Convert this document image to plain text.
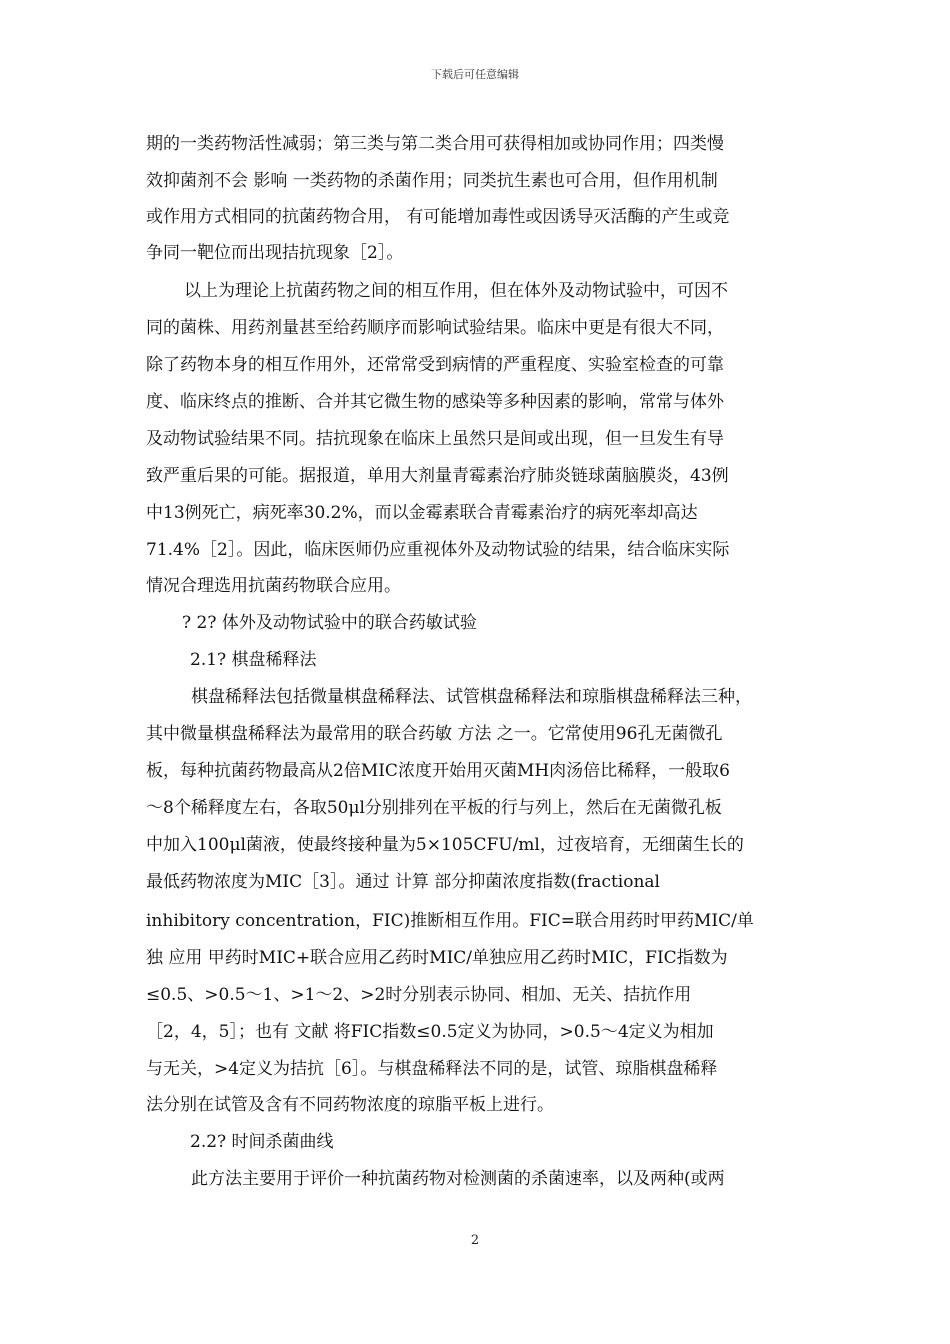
下载后可任意编辑
期的一类药物活性减弱；第三类与第二类合用可获得相加或协同作用；四类慢
效抑菌剂不会 影响 一类药物的杀菌作用；同类抗生素也可合用，但作用机制
或作用方式相同的抗菌药物合用， 有可能增加毒性或因诱导灭活酶的产生或竞
争同一靶位而出现拮抗现象［2］。
以上为理论上抗菌药物之间的相互作用，但在体外及动物试验中，可因不
同的菌株、用药剂量甚至给药顺序而影响试验结果。临床中更是有很大不同，
除了药物本身的相互作用外，还常常受到病情的严重程度、实验室检查的可靠
度、临床终点的推断、合并其它微生物的感染等多种因素的影响，常常与体外
及动物试验结果不同。拮抗现象在临床上虽然只是间或出现，但一旦发生有导
致严重后果的可能。据报道，单用大剂量青霉素治疗肺炎链球菌脑膜炎，43例
中13例死亡，病死率30.2%，而以金霉素联合青霉素治疗的病死率却高达
71.4%［2］。因此，临床医师仍应重视体外及动物试验的结果，结合临床实际
情况合理选用抗菌药物联合应用。
? 2? 体外及动物试验中的联合药敏试验
2.1? 棋盘稀释法
棋盘稀释法包括微量棋盘稀释法、试管棋盘稀释法和琼脂棋盘稀释法三种，
其中微量棋盘稀释法为最常用的联合药敏 方法 之一。它常使用96孔无菌微孔
板，每种抗菌药物最高从2倍MIC浓度开始用灭菌MH肉汤倍比稀释，一般取6
～8个稀释度左右，各取50μl分别排列在平板的行与列上，然后在无菌微孔板
中加入100μl菌液，使最终接种量为5×105CFU/ml，过夜培育，无细菌生长的
最低药物浓度为MIC［3］。通过 计算 部分抑菌浓度指数(fractional
inhibitory concentration，FIC)推断相互作用。FIC=联合用药时甲药MIC/单
独 应用 甲药时MIC+联合应用乙药时MIC/单独应用乙药时MIC，FIC指数为
≤0.5、>0.5～1、>1～2、>2时分别表示协同、相加、无关、拮抗作用
［2，4，5］；也有 文献 将FIC指数≤0.5定义为协同，>0.5～4定义为相加
与无关，>4定义为拮抗［6］。与棋盘稀释法不同的是，试管、琼脂棋盘稀释
法分别在试管及含有不同药物浓度的琼脂平板上进行。
2.2? 时间杀菌曲线
此方法主要用于评价一种抗菌药物对检测菌的杀菌速率，以及两种(或两
2
